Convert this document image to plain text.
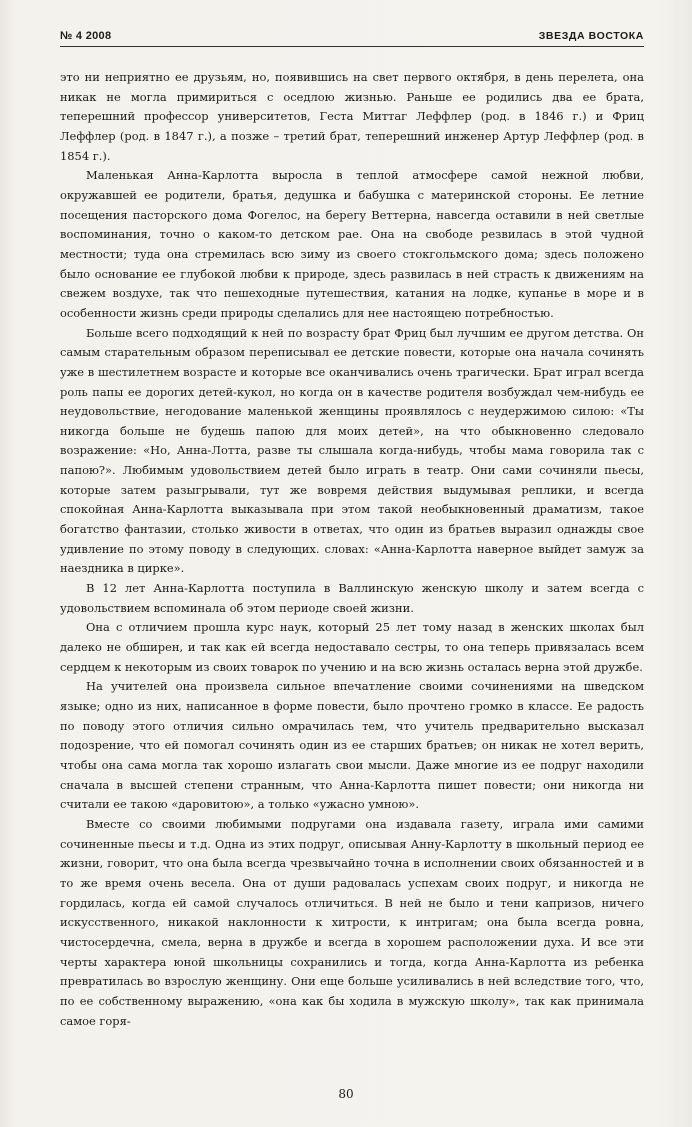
№ 4 2008	ЗВЕЗДА ВОСТОКА

это ни неприятно ее друзьям, но, появившись на свет первого октября, в день перелета, она никак не могла примириться с оседлою жизнью. Раньше ее родились два ее брата, теперешний профессор университетов, Геста Миттаг Леффлер (род. в 1846 г.) и Фриц Леффлер (род. в 1847 г.), а позже – третий брат, теперешний инженер Артур Леффлер (род. в 1854 г.).

Маленькая Анна-Карлотта выросла в теплой атмосфере самой нежной любви, окружавшей ее родители, братья, дедушка и бабушка с материнской стороны. Ее летние посещения пасторского дома Фогелос, на берегу Веттерна, навсегда оставили в ней светлые воспоминания, точно о каком-то детском рае. Она на свободе резвилась в этой чудной местности; туда она стремилась всю зиму из своего стокгольмского дома; здесь положено было основание ее глубокой любви к природе, здесь развилась в ней страсть к движениям на свежем воздухе, так что пешеходные путешествия, катания на лодке, купанье в море и в особенности жизнь среди природы сделались для нее настоящею потребностью.

Больше всего подходящий к ней по возрасту брат Фриц был лучшим ее другом детства. Он самым старательным образом переписывал ее детские повести, которые она начала сочинять уже в шестилетнем возрасте и которые все оканчивались очень трагически. Брат играл всегда роль папы ее дорогих детей-кукол, но когда он в качестве родителя возбуждал чем-нибудь ее неудовольствие, негодование маленькой женщины проявлялось с неудержимою силою: «Ты никогда больше не будешь папою для моих детей», на что обыкновенно следовало возражение: «Но, Анна-Лотта, разве ты слышала когда-нибудь, чтобы мама говорила так с папою?». Любимым удовольствием детей было играть в театр. Они сами сочиняли пьесы, которые затем разыгрывали, тут же вовремя действия выдумывая реплики, и всегда спокойная Анна-Карлотта выказывала при этом такой необыкновенный драматизм, такое богатство фантазии, столько живости в ответах, что один из братьев выразил однажды свое удивление по этому поводу в следующих. словах: «Анна-Карлотта наверное выйдет замуж за наездника в цирке».

В 12 лет Анна-Карлотта поступила в Валлинскую женскую школу и затем всегда с удовольствием вспоминала об этом периоде своей жизни.

Она с отличием прошла курс наук, который 25 лет тому назад в женских школах был далеко не обширен, и так как ей всегда недоставало сестры, то она теперь привязалась всем сердцем к некоторым из своих товарок по учению и на всю жизнь осталась верна этой дружбе.

На учителей она произвела сильное впечатление своими сочинениями на шведском языке; одно из них, написанное в форме повести, было прочтено громко в классе. Ее радость по поводу этого отличия сильно омрачилась тем, что учитель предварительно высказал подозрение, что ей помогал сочинять один из ее старших братьев; он никак не хотел верить, чтобы она сама могла так хорошо излагать свои мысли. Даже многие из ее подруг находили сначала в высшей степени странным, что Анна-Карлотта пишет повести; они никогда ни считали ее такою «даровитою», а только «ужасно умною».

Вместе со своими любимыми подругами она издавала газету, играла ими самими сочиненные пьесы и т.д. Одна из этих подруг, описывая Анну-Карлотту в школьный период ее жизни, говорит, что она была всегда чрезвычайно точна в исполнении своих обязанностей и в то же время очень весела. Она от души радовалась успехам своих подруг, и никогда не гордилась, когда ей самой случалось отличиться. В ней не было и тени капризов, ничего искусственного, никакой наклонности к хитрости, к интригам; она была всегда ровна, чистосердечна, смела, верна в дружбе и всегда в хорошем расположении духа. И все эти черты характера юной школьницы сохранились и тогда, когда Анна-Карлотта из ребенка превратилась во взрослую женщину. Они еще больше усиливались в ней вследствие того, что, по ее собственному выражению, «она как бы ходила в мужскую школу», так как принимала самое горя-

80
